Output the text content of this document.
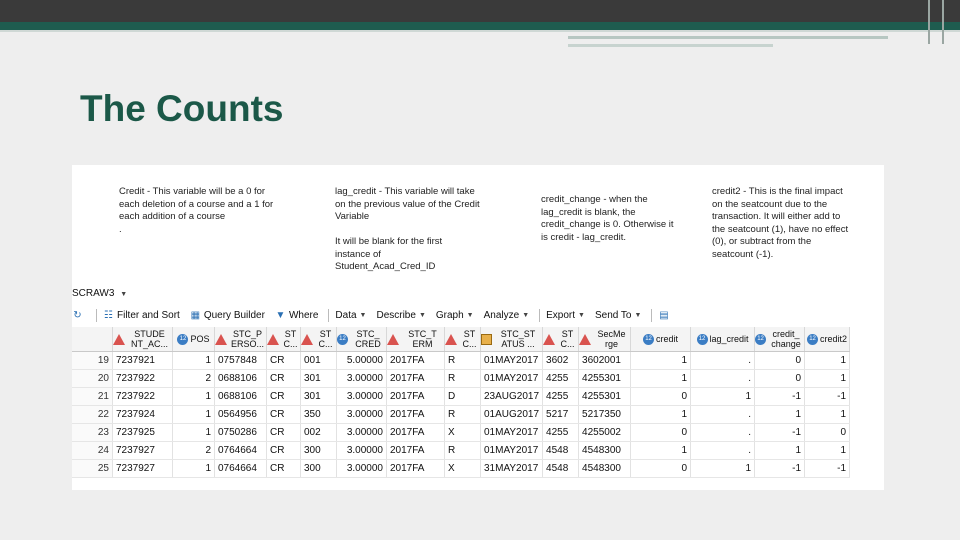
The Counts
Credit - This variable will be a 0 for
each deletion of a course and a 1 for
each addition of a course
.
lag_credit - This variable will take
on the previous value of the Credit
Variable

It will be blank for the first
instance of
Student_Acad_Cred_ID
credit_change - when the
lag_credit is blank, the
credit_change is 0. Otherwise it
is credit - lag_credit.
credit2 - This is the final impact
on the seatcount due to the
transaction. It will either add to
the seatcount (1), have no effect
(0), or subtract from the
seatcount (-1).
SCRAW3 ▼
↻ ☷ Filter and Sort ▦ Query Builder ▼ Where Data ▼ Describe ▼ Graph ▼ Analyze ▼ Export ▼ Send To ▼ ▤

	STUDE NT_AC...	12 POS	STC_P ERSO...	ST C...	ST C...	12 STC_ CRED	STC_T ERM	ST C...	STC_ST ATUS ...	ST C...	SecMe rge	12 credit	12 lag_credit	12 credit_ change	12 credit2

19	7237921	1	0757848	CR	001	5.00000	2017FA	R	01MAY2017	3602	3602001	1	.	0	1
20	7237922	2	0688106	CR	301	3.00000	2017FA	R	01MAY2017	4255	4255301	1	.	0	1
21	7237922	1	0688106	CR	301	3.00000	2017FA	D	23AUG2017	4255	4255301	0	1	-1	-1
22	7237924	1	0564956	CR	350	3.00000	2017FA	R	01AUG2017	5217	5217350	1	.	1	1
23	7237925	1	0750286	CR	002	3.00000	2017FA	X	01MAY2017	4255	4255002	0	.	-1	0
24	7237927	2	0764664	CR	300	3.00000	2017FA	R	01MAY2017	4548	4548300	1	.	1	1
25	7237927	1	0764664	CR	300	3.00000	2017FA	X	31MAY2017	4548	4548300	0	1	-1	-1
